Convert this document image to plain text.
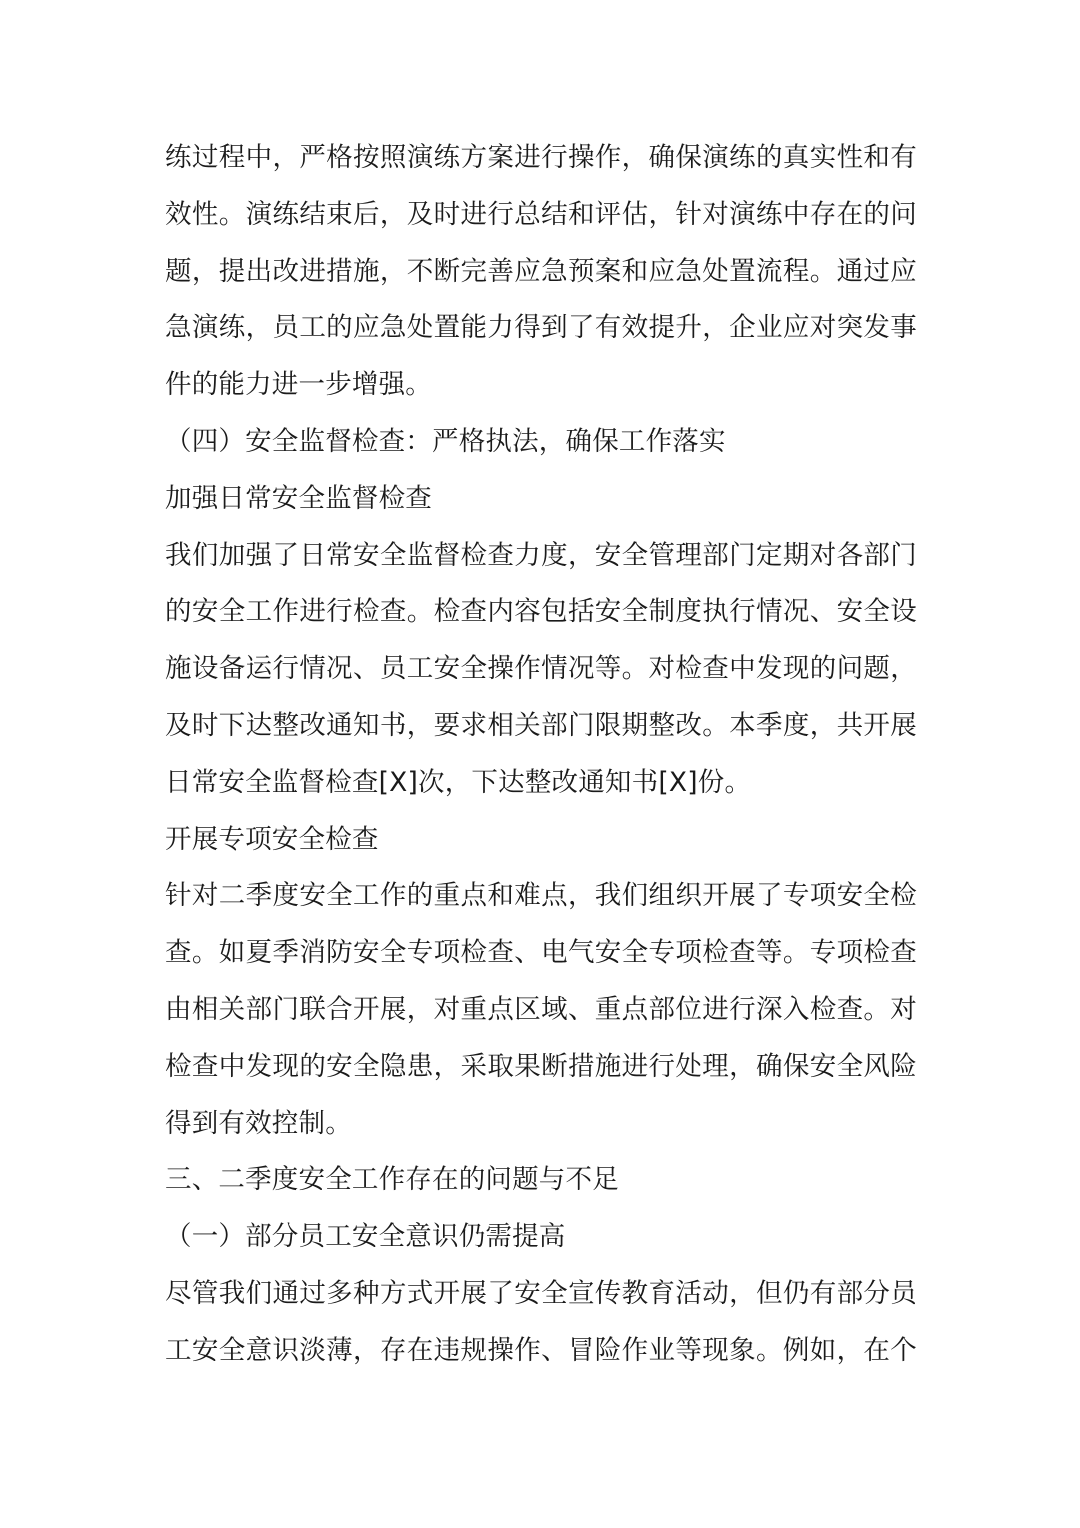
练过程中，严格按照演练方案进行操作，确保演练的真实性和有
效性。演练结束后，及时进行总结和评估，针对演练中存在的问
题，提出改进措施，不断完善应急预案和应急处置流程。通过应
急演练，员工的应急处置能力得到了有效提升，企业应对突发事
件的能力进一步增强。
（四）安全监督检查：严格执法，确保工作落实
加强日常安全监督检查
我们加强了日常安全监督检查力度，安全管理部门定期对各部门
的安全工作进行检查。检查内容包括安全制度执行情况、安全设
施设备运行情况、员工安全操作情况等。对检查中发现的问题，
及时下达整改通知书，要求相关部门限期整改。本季度，共开展
日常安全监督检查[X]次，下达整改通知书[X]份。
开展专项安全检查
针对二季度安全工作的重点和难点，我们组织开展了专项安全检
查。如夏季消防安全专项检查、电气安全专项检查等。专项检查
由相关部门联合开展，对重点区域、重点部位进行深入检查。对
检查中发现的安全隐患，采取果断措施进行处理，确保安全风险
得到有效控制。
三、二季度安全工作存在的问题与不足
（一）部分员工安全意识仍需提高
尽管我们通过多种方式开展了安全宣传教育活动，但仍有部分员
工安全意识淡薄，存在违规操作、冒险作业等现象。例如，在个
